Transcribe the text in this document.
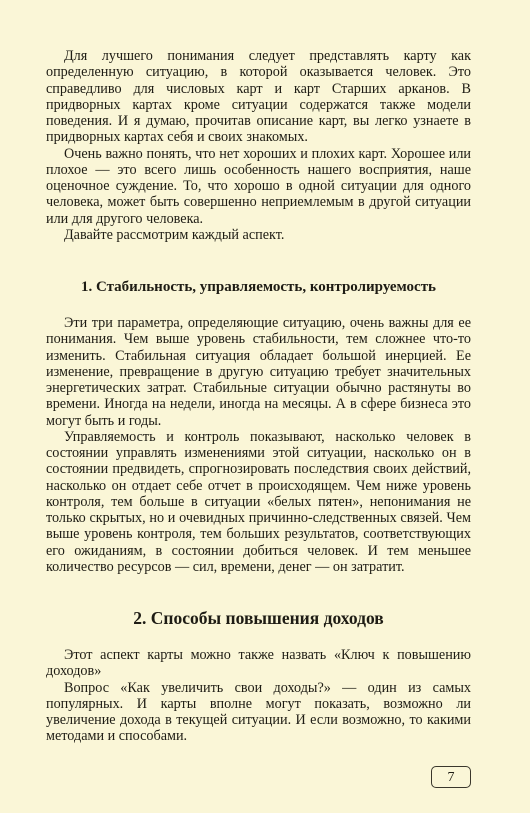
Для лучшего понимания следует представлять карту как определенную ситуацию, в которой оказывается человек. Это справедливо для числовых карт и карт Старших арканов. В придворных картах кроме ситуации содержатся также модели поведения. И я думаю, прочитав описание карт, вы легко узнаете в придворных картах себя и своих знакомых.

Очень важно понять, что нет хороших и плохих карт. Хорошее или плохое — это всего лишь особенность нашего восприятия, наше оценочное суждение. То, что хорошо в одной ситуации для одного человека, может быть совершенно неприемлемым в другой ситуации или для другого человека.

Давайте рассмотрим каждый аспект.

1. Стабильность, управляемость, контролируемость

Эти три параметра, определяющие ситуацию, очень важны для ее понимания. Чем выше уровень стабильности, тем сложнее что-то изменить. Стабильная ситуация обладает большой инерцией. Ее изменение, превращение в другую ситуацию требует значительных энергетических затрат. Стабильные ситуации обычно растянуты во времени. Иногда на недели, иногда на месяцы. А в сфере бизнеса это могут быть и годы.

Управляемость и контроль показывают, насколько человек в состоянии управлять изменениями этой ситуации, насколько он в состоянии предвидеть, спрогнозировать последствия своих действий, насколько он отдает себе отчет в происходящем. Чем ниже уровень контроля, тем больше в ситуации «белых пятен», непонимания не только скрытых, но и очевидных причинно-следственных связей. Чем выше уровень контроля, тем больших результатов, соответствующих его ожиданиям, в состоянии добиться человек. И тем меньшее количество ресурсов — сил, времени, денег — он затратит.

2. Способы повышения доходов

Этот аспект карты можно также назвать «Ключ к повышению доходов»

Вопрос «Как увеличить свои доходы?» — один из самых популярных. И карты вполне могут показать, возможно ли увеличение дохода в текущей ситуации. И если возможно, то какими методами и способами.

7
